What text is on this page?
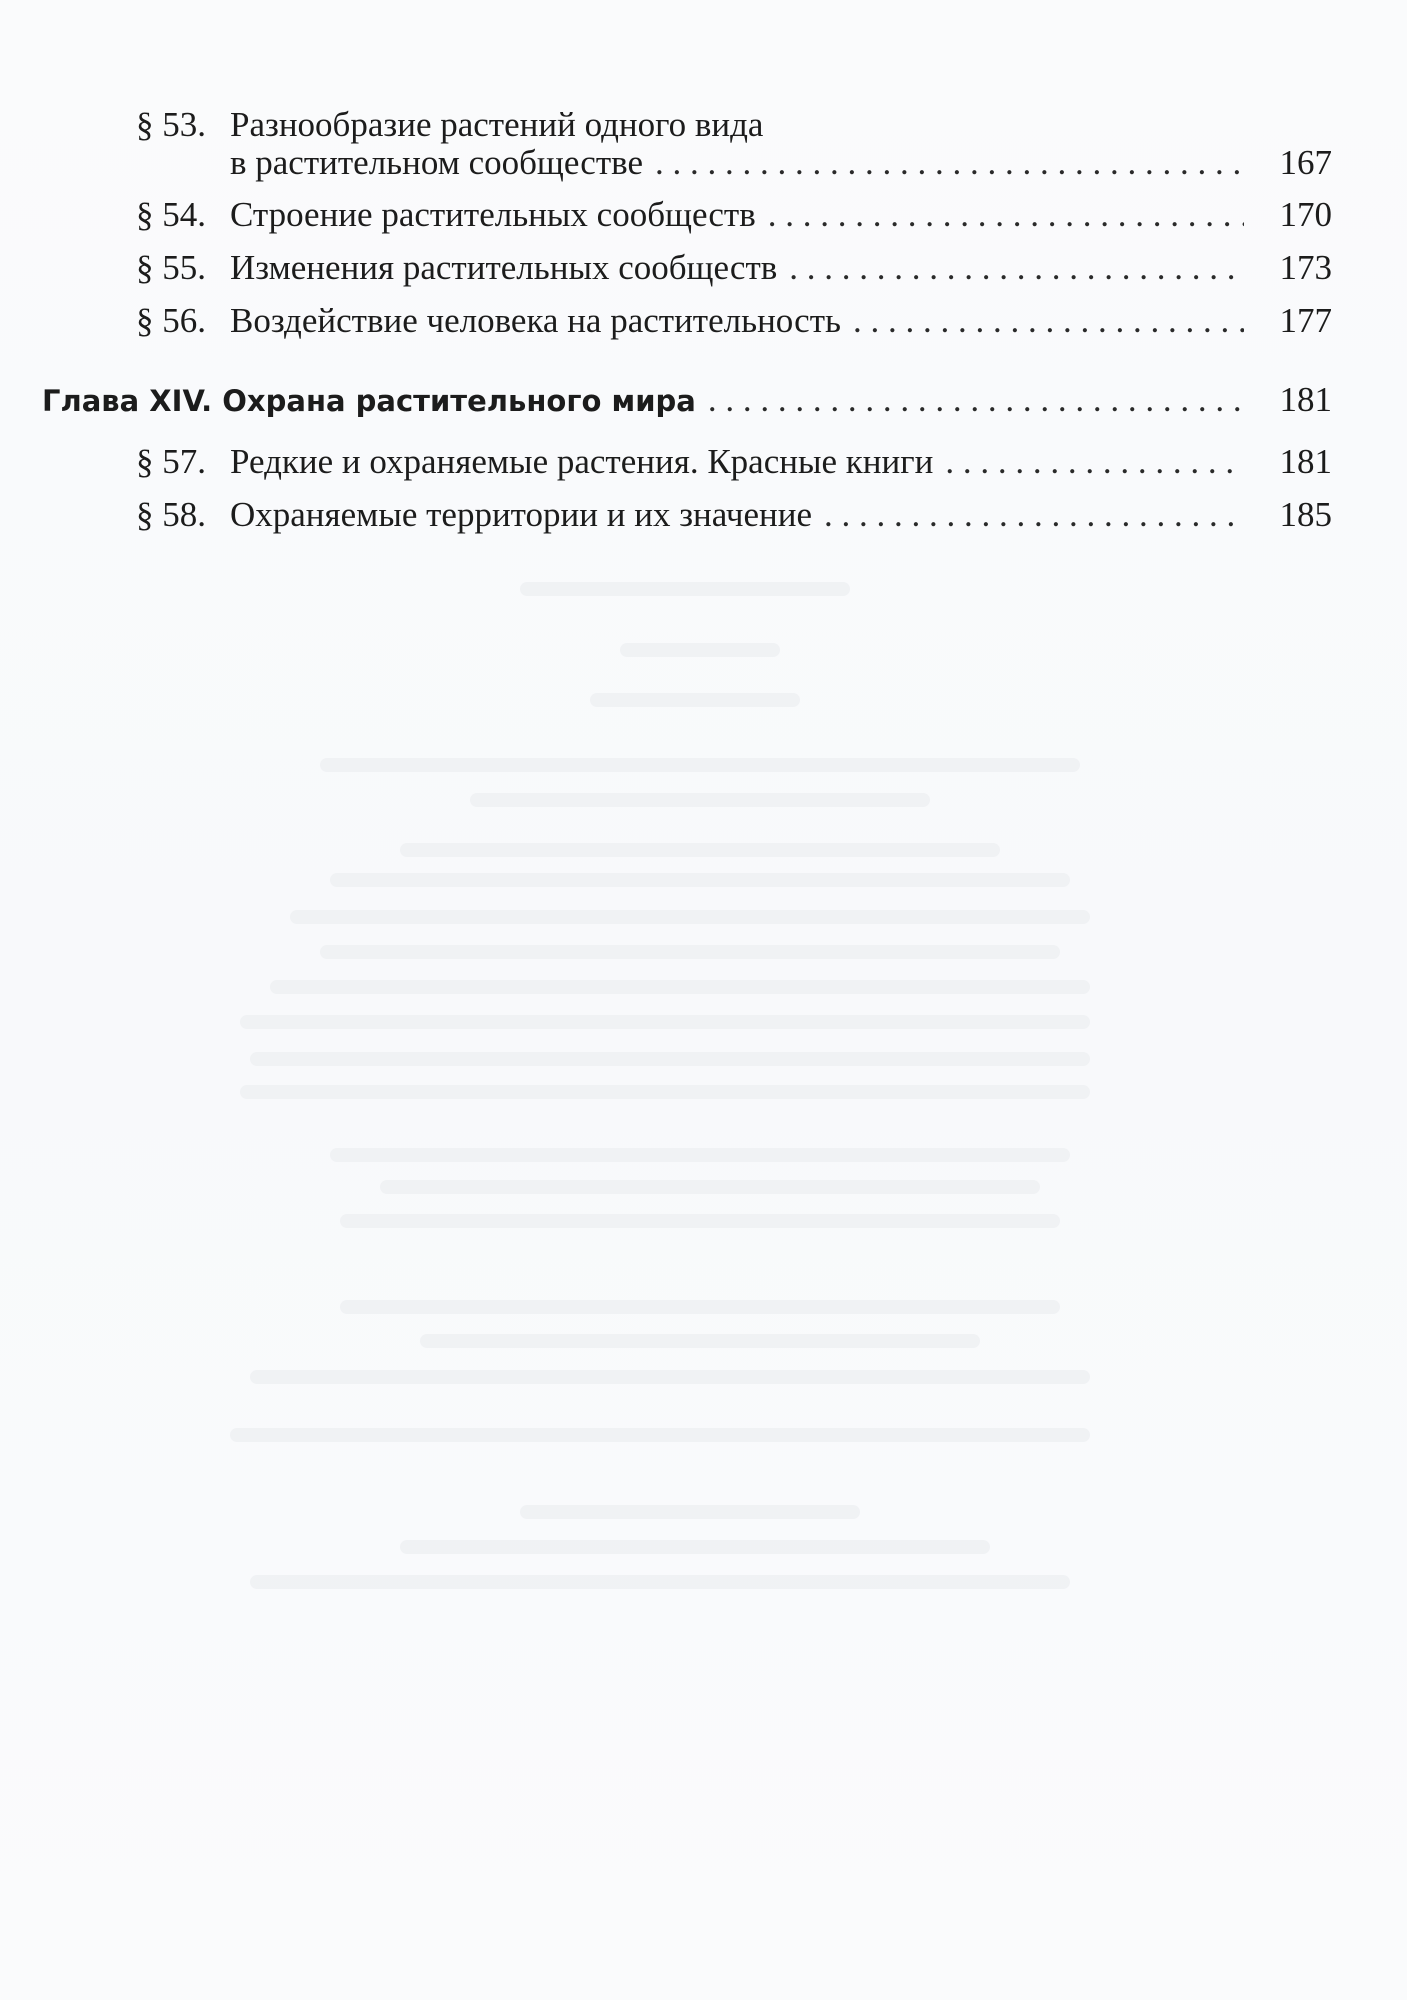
§ 53. Разнообразие растений одного вида
в растительном сообществе . . .	167
§ 54. Строение растительных сообществ . . .	170
§ 55. Изменения растительных сообществ . . .	173
§ 56. Воздействие человека на растительность . . .	177
Глава XIV. Охрана растительного мира . . .	181
§ 57. Редкие и охраняемые растения. Красные книги . . .	181
§ 58. Охраняемые территории и их значение . . .	185
